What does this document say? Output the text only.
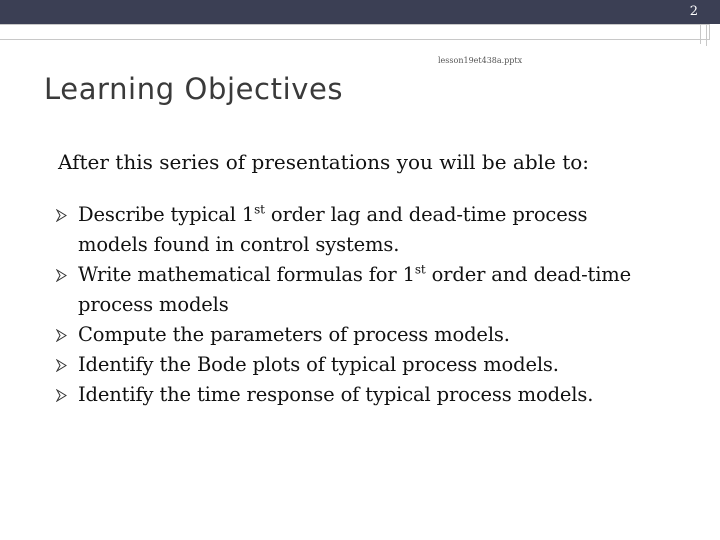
2
lesson19et438a.pptx
Learning Objectives
After this series of presentations you will be able to:
Describe typical 1st order lag and dead-time process models found in control systems.
Write mathematical formulas for 1st order and dead-time process models
Compute the parameters of process models.
Identify the Bode plots of typical process models.
Identify the time response of typical process models.
